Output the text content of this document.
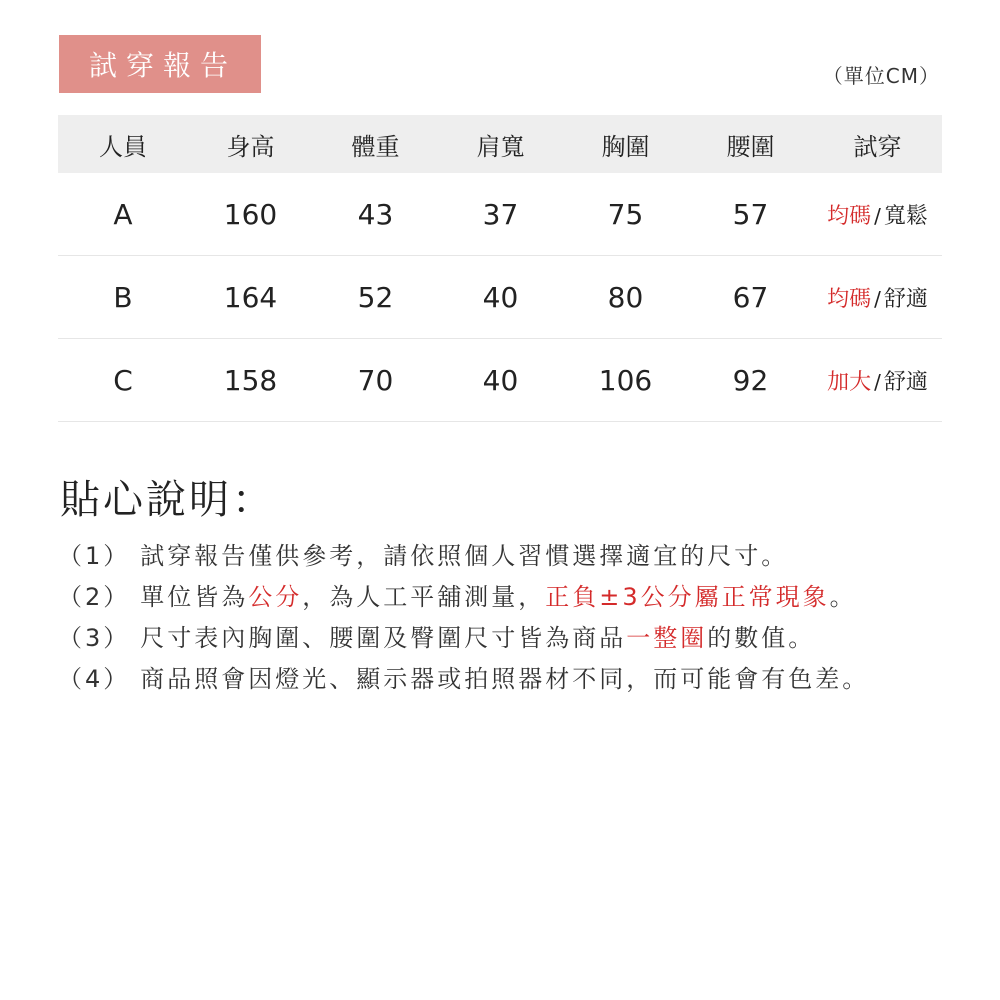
試穿報告	（單位CM）
人員	身高	體重	肩寬	胸圍	腰圍	試穿
A	160	43	37	75	57	均碼 / 寬鬆
B	164	52	40	80	67	均碼 / 舒適
C	158	70	40	106	92	加大 / 舒適
貼心說明：
（1） 試穿報告僅供參考，請依照個人習慣選擇適宜的尺寸。
（2） 單位皆為公分，為人工平舖測量，正負±3公分屬正常現象。
（3） 尺寸表內胸圍、腰圍及臀圍尺寸皆為商品一整圈的數值。
（4） 商品照會因燈光、顯示器或拍照器材不同，而可能會有色差。
